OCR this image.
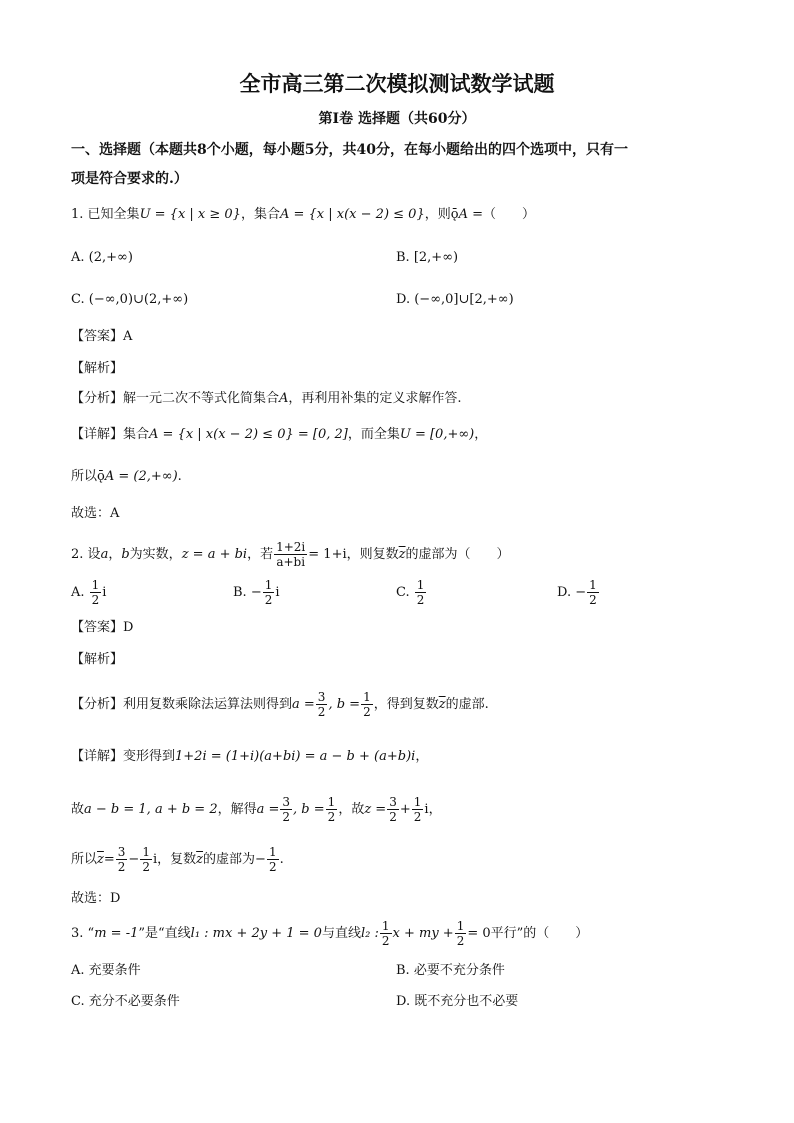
全市高三第二次模拟测试数学试题
第I卷 选择题（共60分）
一、选择题（本题共8个小题，每小题5分，共40分，在每小题给出的四个选项中，只有一
项是符合要求的.）
1. 已知全集U = {x | x ≥ 0}，集合A = {x | x(x − 2) ≤ 0}，则ǭA =（　　）
A. (2,+∞)	B. [2,+∞)
C. (−∞,0)∪(2,+∞)	D. (−∞,0]∪[2,+∞)
【答案】A
【解析】
【分析】解一元二次不等式化简集合A，再利用补集的定义求解作答.
【详解】集合A = {x | x(x − 2) ≤ 0} = [0, 2]，而全集U = [0,+∞)，
所以ǭA = (2,+∞).
故选：A
2. 设a，b为实数，z = a + bi，若 $\frac{1+2i}{a+bi} = 1+i$，则复数$\overline{z}$的虚部为（　　）
A. $\frac{1}{2}$ i	B. − $\frac{1}{2}$ i	C. $\frac{1}{2}$	D. − $\frac{1}{2}$
【答案】D
【解析】
【分析】利用复数乘除法运算法则得到$a = \frac{3}{2}$ , $b = \frac{1}{2}$ ，得到复数$\overline{z}$的虚部.
【详解】变形得到1+2i = (1+i)(a+bi) = a − b + (a+b)i，
故a − b = 1, a + b = 2，解得$a = \frac{3}{2}$ , $b = \frac{1}{2}$ ，故$z = \frac{3}{2} + \frac{1}{2}$ i，
所以$\overline{z}= \frac{3}{2} - \frac{1}{2}$ i，复数$\overline{z}$的虚部为− $\frac{1}{2}$ .
故选：D
3. “m = -1”是“直线l₁ : mx + 2y + 1 = 0与直线l₂ : $\frac{1}{2}$ x + my + $\frac{1}{2} = 0$平行”的（　　）
A. 充要条件	B. 必要不充分条件
C. 充分不必要条件	D. 既不充分也不必要
